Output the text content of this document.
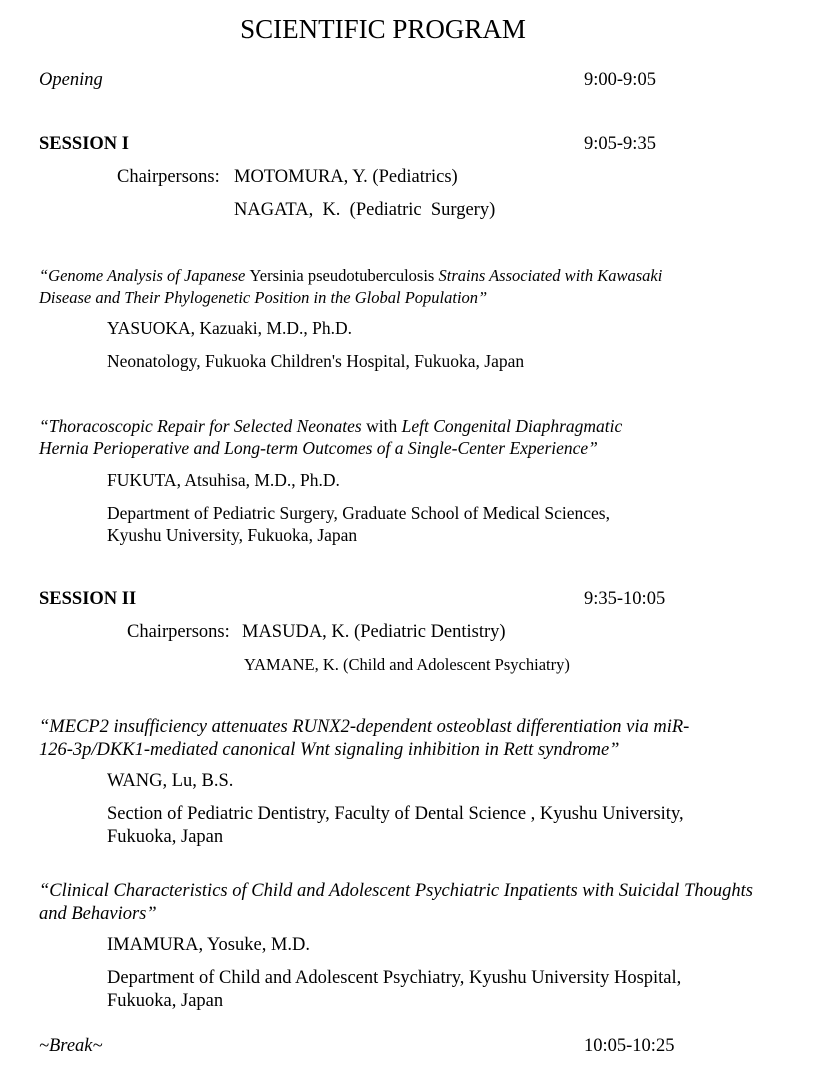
SCIENTIFIC PROGRAM
Opening	9:00-9:05
SESSION I	9:05-9:35
Chairpersons: MOTOMURA, Y. (Pediatrics)
NAGATA,  K.  (Pediatric  Surgery)
“Genome Analysis of Japanese Yersinia pseudotuberculosis Strains Associated with Kawasaki
Disease and Their Phylogenetic Position in the Global Population”
YASUOKA, Kazuaki, M.D., Ph.D.
Neonatology, Fukuoka Children's Hospital, Fukuoka, Japan
“Thoracoscopic Repair for Selected Neonates with Left Congenital Diaphragmatic
Hernia Perioperative and Long-term Outcomes of a Single-Center Experience”
FUKUTA, Atsuhisa, M.D., Ph.D.
Department of Pediatric Surgery, Graduate School of Medical Sciences,
Kyushu University, Fukuoka, Japan
SESSION II	9:35-10:05
Chairpersons: MASUDA, K. (Pediatric Dentistry)
YAMANE, K. (Child and Adolescent Psychiatry)
“MECP2 insufficiency attenuates RUNX2-dependent osteoblast differentiation via miR-
126-3p/DKK1-mediated canonical Wnt signaling inhibition in Rett syndrome”
WANG, Lu, B.S.
Section of Pediatric Dentistry, Faculty of Dental Science , Kyushu University,
Fukuoka, Japan
“Clinical Characteristics of Child and Adolescent Psychiatric Inpatients with Suicidal Thoughts
and Behaviors”
IMAMURA, Yosuke, M.D.
Department of Child and Adolescent Psychiatry, Kyushu University Hospital,
Fukuoka, Japan
~Break~	10:05-10:25
